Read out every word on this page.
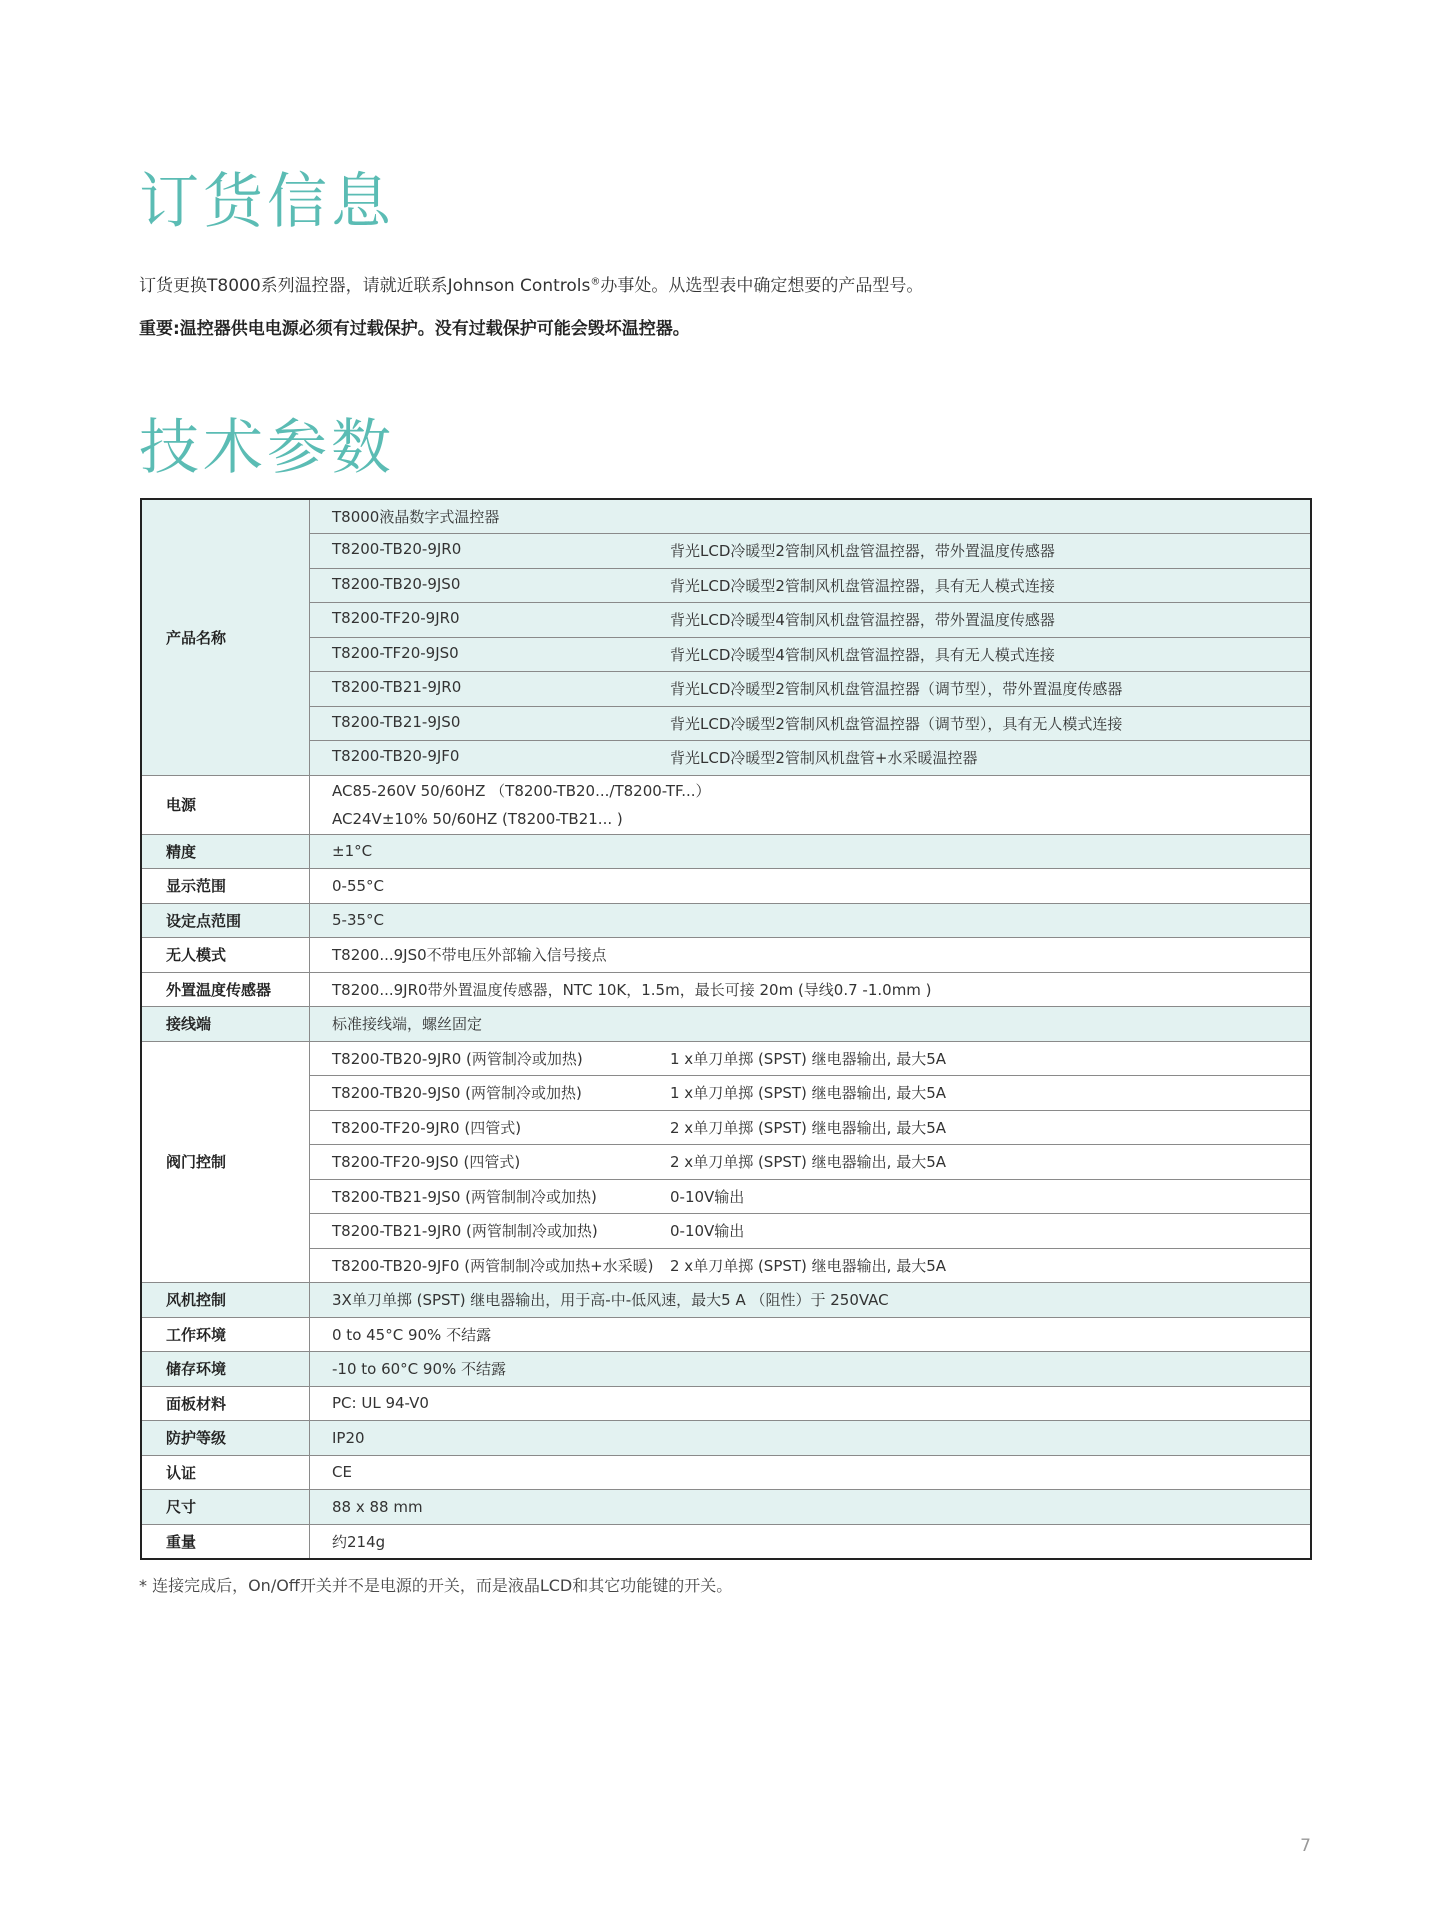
订货信息

订货更换T8000系列温控器，请就近联系Johnson Controls®办事处。从选型表中确定想要的产品型号。

重要:温控器供电电源必须有过载保护。没有过载保护可能会毁坏温控器。

技术参数
产品名称	T8000液晶数字式温控器

	T8200-TB20-9JR0 背光LCD冷暖型2管制风机盘管温控器，带外置温度传感器

	T8200-TB20-9JS0 背光LCD冷暖型2管制风机盘管温控器，具有无人模式连接

	T8200-TF20-9JR0 背光LCD冷暖型4管制风机盘管温控器，带外置温度传感器

	T8200-TF20-9JS0 背光LCD冷暖型4管制风机盘管温控器，具有无人模式连接

	T8200-TB21-9JR0 背光LCD冷暖型2管制风机盘管温控器（调节型），带外置温度传感器

	T8200-TB21-9JS0 背光LCD冷暖型2管制风机盘管温控器（调节型），具有无人模式连接

	T8200-TB20-9JF0 背光LCD冷暖型2管制风机盘管+水采暖温控器

电源	AC85-260V 50/60HZ （T8200-TB20.../T8200-TF...）
AC24V±10% 50/60HZ (T8200-TB21... )

精度	±1°C
显示范围	0-55°C
设定点范围	5-35°C
无人模式	T8200...9JS0不带电压外部输入信号接点
外置温度传感器	T8200...9JR0带外置温度传感器，NTC 10K，1.5m，最长可接 20m (导线0.7 -1.0mm )
接线端	标准接线端，螺丝固定
阀门控制	T8200-TB20-9JR0 (两管制冷或加热) 1 x单刀单掷 (SPST) 继电器输出, 最大5A

	T8200-TB20-9JS0 (两管制冷或加热) 1 x单刀单掷 (SPST) 继电器输出, 最大5A

	T8200-TF20-9JR0 (四管式) 2 x单刀单掷 (SPST) 继电器输出, 最大5A

	T8200-TF20-9JS0 (四管式) 2 x单刀单掷 (SPST) 继电器输出, 最大5A

	T8200-TB21-9JS0 (两管制制冷或加热) 0-10V输出

	T8200-TB21-9JR0 (两管制制冷或加热) 0-10V输出

	T8200-TB20-9JF0 (两管制制冷或加热+水采暖) 2 x单刀单掷 (SPST) 继电器输出, 最大5A

风机控制	3X单刀单掷 (SPST) 继电器输出，用于高-中-低风速，最大5 A （阻性）于 250VAC
工作环境	0 to 45°C 90% 不结露
储存环境	-10 to 60°C 90% 不结露
面板材料	PC: UL 94-V0
防护等级	IP20
认证	CE
尺寸	88 x 88 mm
重量	约214g

* 连接完成后，On/Off开关并不是电源的开关，而是液晶LCD和其它功能键的开关。

7
